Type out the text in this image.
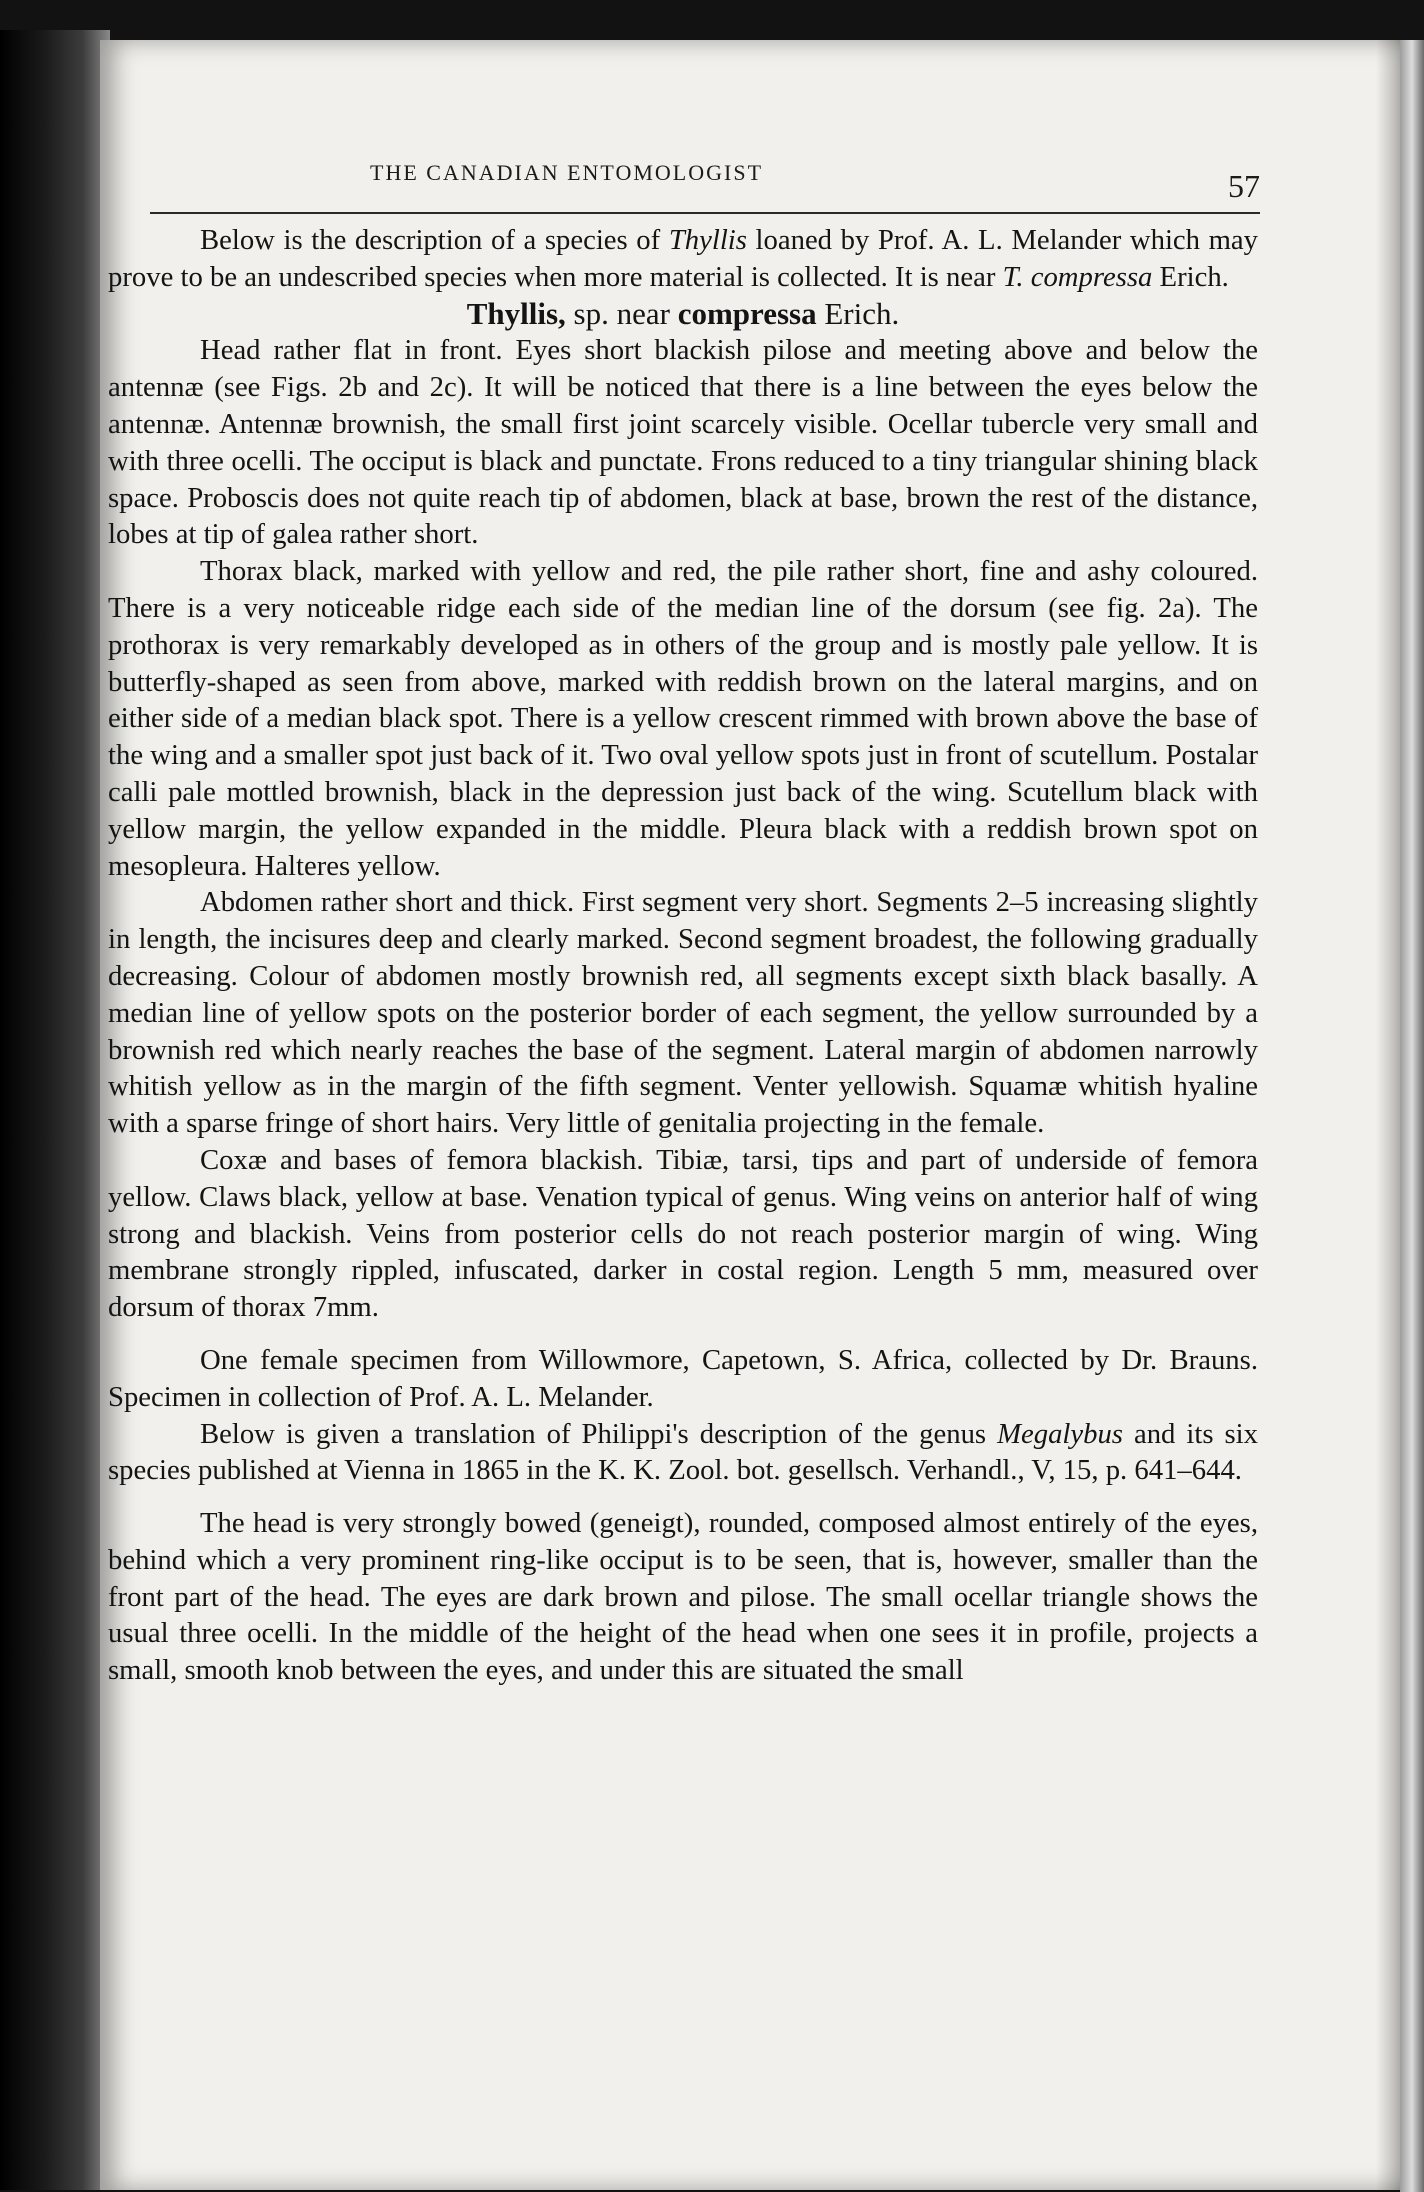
THE CANADIAN ENTOMOLOGIST	57

Below is the description of a species of Thyllis loaned by Prof. A. L. Melander which may prove to be an undescribed species when more material is collected. It is near T. compressa Erich.

Thyllis, sp. near compressa Erich.

Head rather flat in front. Eyes short blackish pilose and meeting above and below the antennæ (see Figs. 2b and 2c). It will be noticed that there is a line between the eyes below the antennæ. Antennæ brownish, the small first joint scarcely visible. Ocellar tubercle very small and with three ocelli. The occiput is black and punctate. Frons reduced to a tiny triangular shining black space. Proboscis does not quite reach tip of abdomen, black at base, brown the rest of the distance, lobes at tip of galea rather short.

Thorax black, marked with yellow and red, the pile rather short, fine and ashy coloured. There is a very noticeable ridge each side of the median line of the dorsum (see fig. 2a). The prothorax is very remarkably developed as in others of the group and is mostly pale yellow. It is butterfly-shaped as seen from above, marked with reddish brown on the lateral margins, and on either side of a median black spot. There is a yellow crescent rimmed with brown above the base of the wing and a smaller spot just back of it. Two oval yellow spots just in front of scutellum. Postalar calli pale mottled brownish, black in the depression just back of the wing. Scutellum black with yellow margin, the yellow expanded in the middle. Pleura black with a reddish brown spot on mesopleura. Halteres yellow.

Abdomen rather short and thick. First segment very short. Segments 2–5 increasing slightly in length, the incisures deep and clearly marked. Second segment broadest, the following gradually decreasing. Colour of abdomen mostly brownish red, all segments except sixth black basally. A median line of yellow spots on the posterior border of each segment, the yellow surrounded by a brownish red which nearly reaches the base of the segment. Lateral margin of abdomen narrowly whitish yellow as in the margin of the fifth segment. Venter yellowish. Squamæ whitish hyaline with a sparse fringe of short hairs. Very little of genitalia projecting in the female.

Coxæ and bases of femora blackish. Tibiæ, tarsi, tips and part of underside of femora yellow. Claws black, yellow at base. Venation typical of genus. Wing veins on anterior half of wing strong and blackish. Veins from posterior cells do not reach posterior margin of wing. Wing membrane strongly rippled, infuscated, darker in costal region. Length 5 mm, measured over dorsum of thorax 7mm.

One female specimen from Willowmore, Capetown, S. Africa, collected by Dr. Brauns. Specimen in collection of Prof. A. L. Melander.

Below is given a translation of Philippi's description of the genus Megalybus and its six species published at Vienna in 1865 in the K. K. Zool. bot. gesellsch. Verhandl., V, 15, p. 641–644.

The head is very strongly bowed (geneigt), rounded, composed almost entirely of the eyes, behind which a very prominent ring-like occiput is to be seen, that is, however, smaller than the front part of the head. The eyes are dark brown and pilose. The small ocellar triangle shows the usual three ocelli. In the middle of the height of the head when one sees it in profile, projects a small, smooth knob between the eyes, and under this are situated the small
